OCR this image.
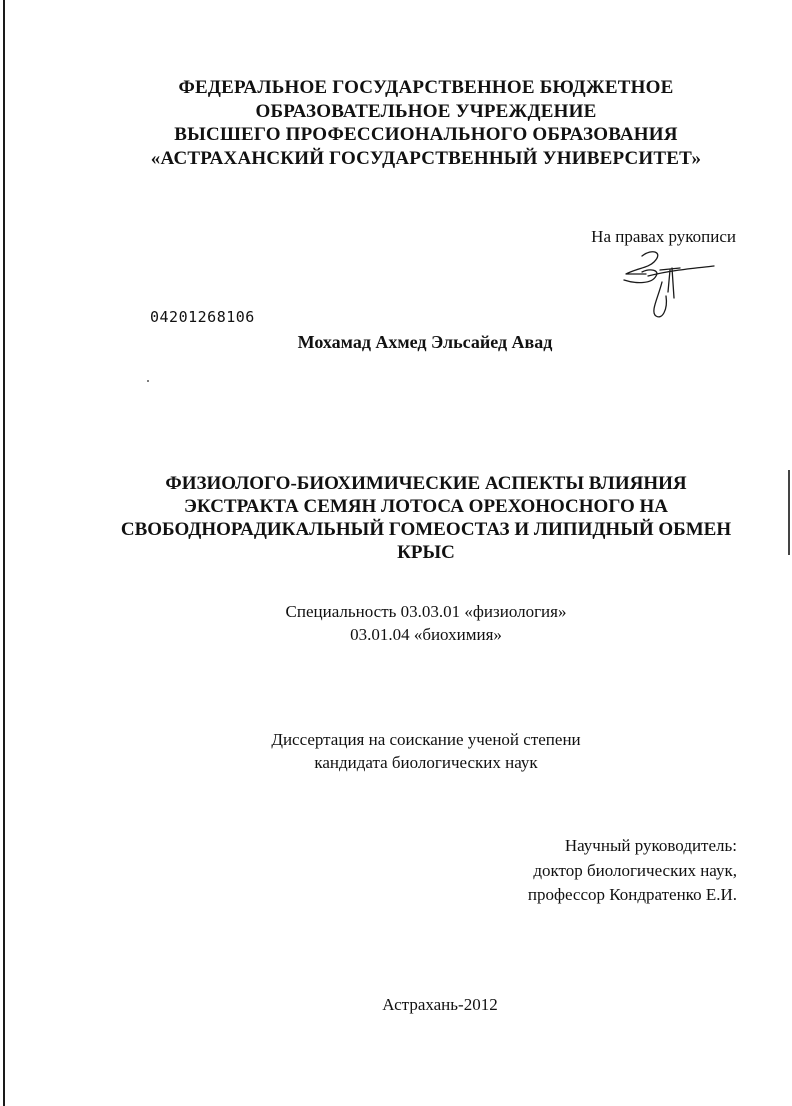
ФЕДЕРАЛЬНОЕ ГОСУДАРСТВЕННОЕ БЮДЖЕТНОЕ
ОБРАЗОВАТЕЛЬНОЕ УЧРЕЖДЕНИЕ
ВЫСШЕГО ПРОФЕССИОНАЛЬНОГО ОБРАЗОВАНИЯ
«АСТРАХАНСКИЙ ГОСУДАРСТВЕННЫЙ УНИВЕРСИТЕТ»
На правах рукописи
04201268106
Мохамад Ахмед Эльсайед Авад
ФИЗИОЛОГО-БИОХИМИЧЕСКИЕ АСПЕКТЫ ВЛИЯНИЯ
ЭКСТРАКТА СЕМЯН ЛОТОСА ОРЕХОНОСНОГО НА
СВОБОДНОРАДИКАЛЬНЫЙ ГОМЕОСТАЗ И ЛИПИДНЫЙ ОБМЕН
КРЫС
Специальность 03.03.01 «физиология»
03.01.04 «биохимия»
Диссертация на соискание ученой степени
кандидата биологических наук
Научный руководитель:
доктор биологических наук,
профессор Кондратенко Е.И.
Астрахань-2012
